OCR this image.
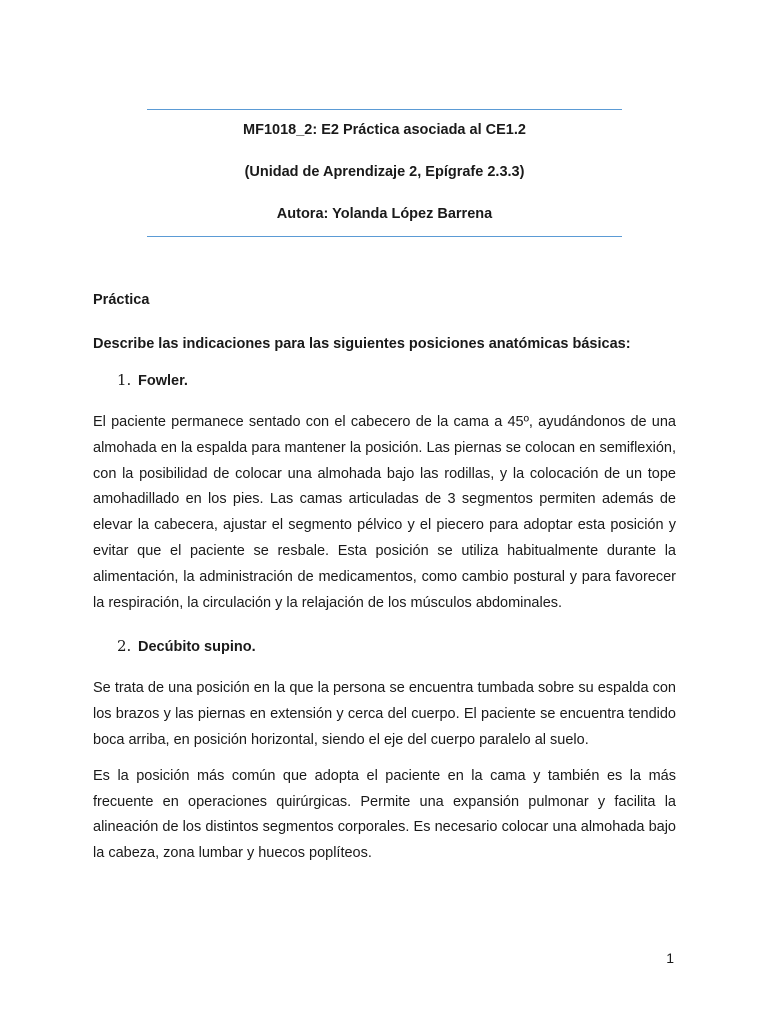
MF1018_2: E2 Práctica asociada al CE1.2
(Unidad de Aprendizaje 2, Epígrafe 2.3.3)
Autora: Yolanda López Barrena
Práctica
Describe las indicaciones para las siguientes posiciones anatómicas básicas:
1. Fowler.

El paciente permanece sentado con el cabecero de la cama a 45º, ayudándonos de una almohada en la espalda para mantener la posición. Las piernas se colocan en semiflexión, con la posibilidad de colocar una almohada bajo las rodillas, y la colocación de un tope amohadillado en los pies. Las camas articuladas de 3 segmentos permiten además de elevar la cabecera, ajustar el segmento pélvico y el piecero para adoptar esta posición y evitar que el paciente se resbale. Esta posición se utiliza habitualmente durante la alimentación, la administración de medicamentos, como cambio postural y para favorecer la respiración, la circulación y la relajación de los músculos abdominales.

2. Decúbito supino.

Se trata de una posición en la que la persona se encuentra tumbada sobre su espalda con los brazos y las piernas en extensión y cerca del cuerpo. El paciente se encuentra tendido boca arriba, en posición horizontal, siendo el eje del cuerpo paralelo al suelo.

Es la posición más común que adopta el paciente en la cama y también es la más frecuente en operaciones quirúrgicas. Permite una expansión pulmonar y facilita la alineación de los distintos segmentos corporales. Es necesario colocar una almohada bajo la cabeza, zona lumbar y huecos poplíteos.

1
